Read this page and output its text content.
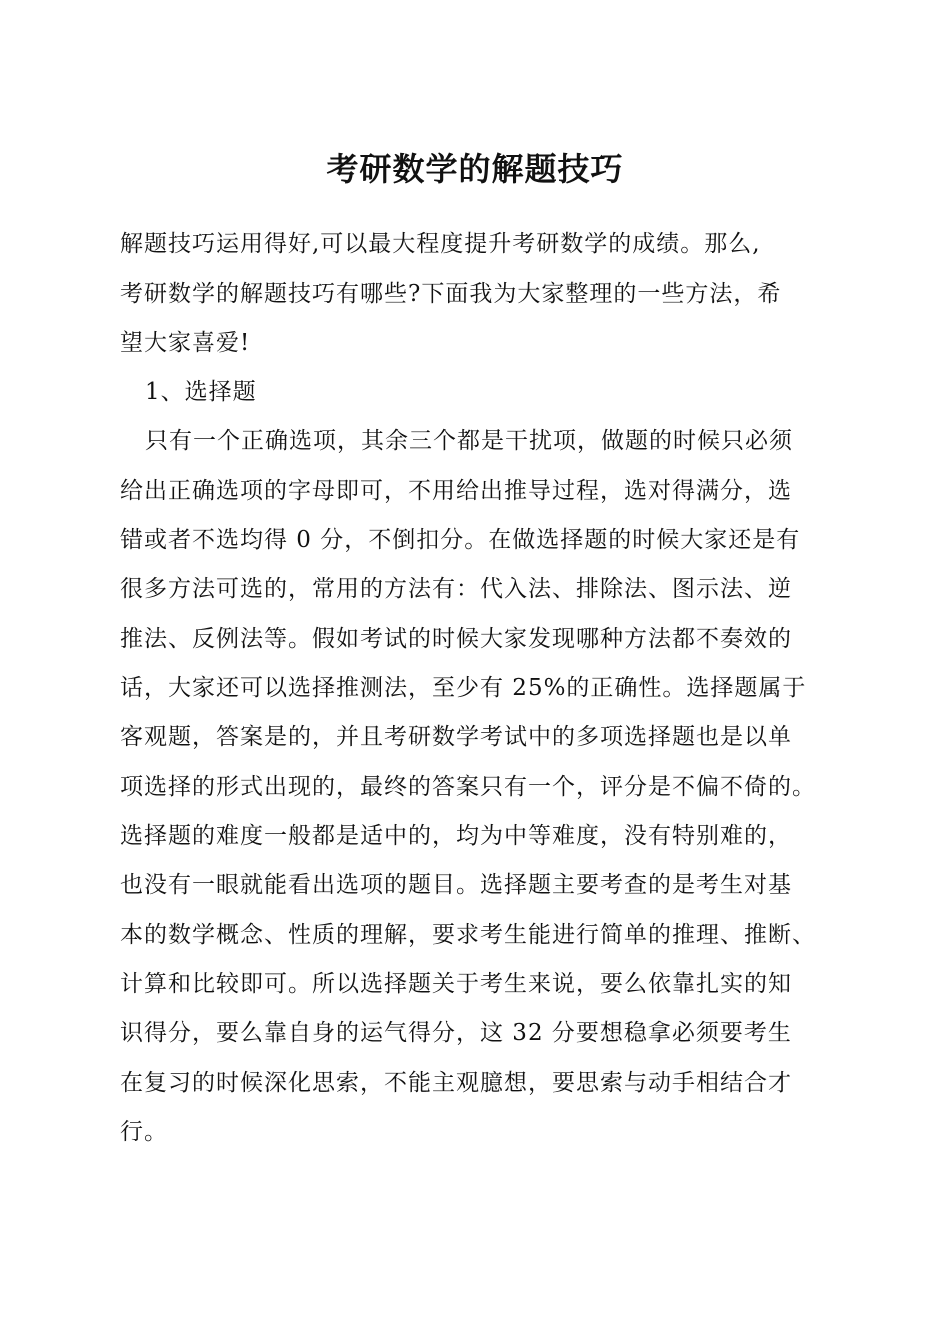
考研数学的解题技巧

解题技巧运用得好,可以最大程度提升考研数学的成绩。那么,

考研数学的解题技巧有哪些?下面我为大家整理的一些方法，希

望大家喜爱!

1、选择题

只有一个正确选项，其余三个都是干扰项，做题的时候只必须

给出正确选项的字母即可，不用给出推导过程，选对得满分，选

错或者不选均得 0 分，不倒扣分。在做选择题的时候大家还是有

很多方法可选的，常用的方法有：代入法、排除法、图示法、逆

推法、反例法等。假如考试的时候大家发现哪种方法都不奏效的

话，大家还可以选择推测法，至少有 25%的正确性。选择题属于

客观题，答案是的，并且考研数学考试中的多项选择题也是以单

项选择的形式出现的，最终的答案只有一个，评分是不偏不倚的。

选择题的难度一般都是适中的，均为中等难度，没有特别难的，

也没有一眼就能看出选项的题目。选择题主要考查的是考生对基

本的数学概念、性质的理解，要求考生能进行简单的推理、推断、

计算和比较即可。所以选择题关于考生来说，要么依靠扎实的知

识得分，要么靠自身的运气得分，这 32 分要想稳拿必须要考生

在复习的时候深化思索，不能主观臆想，要思索与动手相结合才

行。
